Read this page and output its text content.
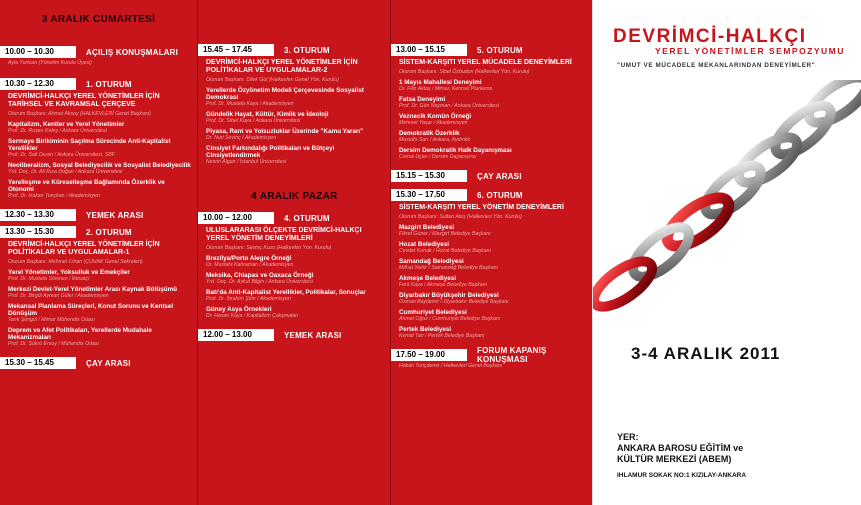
3 ARALIK CUMARTESİ
10.00 – 10.30	AÇILIŞ KONUŞMALARI
Ayla Yurtcan (Yönetim Kurulu Üyesi)
10.30 – 12.30	1. OTURUM
DEVRİMCİ-HALKÇI YEREL YÖNETİMLER İÇİN TARİHSEL VE KAVRAMSAL ÇERÇEVE
Oturum Başkanı: Ahmet Aksoy (HALKEVLERİ Genel Başkanı)
Kapitalizm, Kentler ve Yerel Yönetimler
Prof. Dr. Ruşen Keleş / Ankara Üniversitesi
Sermaye Birikiminin Saçılma Sürecinde Anti-Kapitalist Yerellikler
Prof. Dr. Sait Duran / Ankara Üniversitesi, SBF
Neoliberalizm, Sosyal Belediyecilik ve Sosyalist Belediyecilik
Yrd. Doç. Dr. Ali Rıza Doğan / Ankara Üniversitesi
Yerelleşme ve Küreselleşme Bağlamında Özerklik ve Otonomi
Prof. Dr. Hakan Tunçkan / Akademisyen
12.30 – 13.30	YEMEK ARASI
13.30 – 15.30	2. OTURUM
DEVRİMCİ-HALKÇI YEREL YÖNETİMLER İÇİN POLİTİKALAR VE UYGULAMALAR-1
Oturum Başkanı: Mehmet Cihan (ÇUHAK Genel Sekreteri)
Yerel Yönetimler, Yoksulluk ve Emekçiler
Prof. Dr. Mustafa Sönmez / İktisatçı
Merkezi Devlet-Yerel Yönetimler Arası Kaynak Bölüşümü
Prof. Dr. Birgül Ayman Güler / Akademisyen
Mekansal Planlama Süreçleri, Konut Sorunu ve Kentsel Dönüşüm
Tarık Şengül / Mimar Mühendis Odası
Deprem ve Afet Politikaları, Yerellerde Mudahale Mekanizmaları
Prof. Dr. Şükrü Ersoy / Mühendis Odası
15.30 – 15.45	ÇAY ARASI
15.45 – 17.45	3. OTURUM
DEVRİMCİ-HALKÇI YEREL YÖNETİMLER İÇİN POLİTİKALAR VE UYGULAMALAR-2
Oturum Başkanı: Dilek Gül (Halkevleri Genel Yön. Kurulu)
Yerellerde Özyönetim Modeli Çerçevesinde Sosyalist Demokrasi
Prof. Dr. Mustafa Kaya / Akademisyen
Gündelik Hayat, Kültür, Kimlik ve İdeoloji
Prof. Dr. Sibel Kaya / Ankara Üniversitesi
Piyasa, Rant ve Yolsuzluklar Üzerinde "Kamu Yararı"
Dr. Nuri Sevinç / Akademisyen
Cinsiyet Farkındalığı Politikaları ve Bütçeyi Cinsiyetlendirmek
Nesrin Algan / İstanbul Üniversitesi
4 ARALIK PAZAR
10.00 – 12.00	4. OTURUM
ULUSLARARASI ÖLÇEKTE DEVRİMCİ-HALKÇI YEREL YÖNETİM DENEYİMLERİ
Oturum Başkanı: Sevinç Kuzu (Halkevleri Yön. Kurulu)
Brezilya/Porto Alegre Örneği
Dr. Mustafa Kahraman / Akademisyen
Meksika, Chiapas ve Oaxaca Örneği
Yrd. Doç. Dr. Aykut Bilgin / Ankara Üniversitesi
Batı'da Anti-Kapitalist Yerellikler, Politikalar, Sonuçlar
Prof. Dr. İbrahim Şirin / Akademisyen
Güney Asya Örnekleri
Dr. Hasan Kaya / Kapitalizm Çalışmaları
12.00 – 13.00	YEMEK ARASI
13.00 – 15.15	5. OTURUM
SİSTEM-KARŞITI YEREL MÜCADELE DENEYİMLERİ
Oturum Başkanı: Sibel Özbudun (Halkevleri Yön. Kurulu)
1 Mayıs Mahallesi Deneyimi
Dr. Filiz Aktaş / Mimar, Kentsel Planlama
Fatsa Deneyimi
Prof. Dr. Gün Nayman / Ankara Üniversitesi
Veznecik Komün Örneği
Mehmet Yaşar / Akademisyen
Demokratik Özerklik
Mustafa Sarı / Ankara, Aydınlık
Dersim Demokratik Halk Dayanışması
Cemal Uçan / Dersim Dayanışma
15.15 – 15.30	ÇAY ARASI
15.30 – 17.50	6. OTURUM
SİSTEM-KARŞITI YEREL YÖNETİM DENEYİMLERİ
Oturum Başkanı: Sultan Ateş (Halkevleri Yön. Kurulu)
Mazgirt Belediyesi
Fikret Güner / Mazgirt Belediye Başkanı
Hozat Belediyesi
Cevdet Konak / Hozat Belediye Başkanı
Samandağ Belediyesi
Mithat Nehir / Samandağ Belediye Başkanı
Akmeşe Belediyesi
Ferit Kaya / Akmeşe Belediye Başkanı
Diyarbakır Büyükşehir Belediyesi
Osman Baydemir / Diyarbakır Belediye Başkanı
Cumhuriyet Belediyesi
Ahmet Oğuz / Cumhuriyet Belediye Başkanı
Pertek Belediyesi
Kemal Tan / Pertek Belediye Başkanı
17.50 – 19.00	FORUM KAPANIŞ KONUŞMASI
Hakan Tunçdemir / Halkevleri Genel Başkanı
DEVRİMCİ-HALKÇI
YEREL YÖNETİMLER SEMPOZYUMU
"UMUT VE MÜCADELE MEKANLARINDAN DENEYİMLER"
3-4 ARALIK 2011
YER:
ANKARA BAROSU EĞİTİM ve
KÜLTÜR MERKEZİ (ABEM)
IHLAMUR SOKAK NO:1 KIZILAY-ANKARA
